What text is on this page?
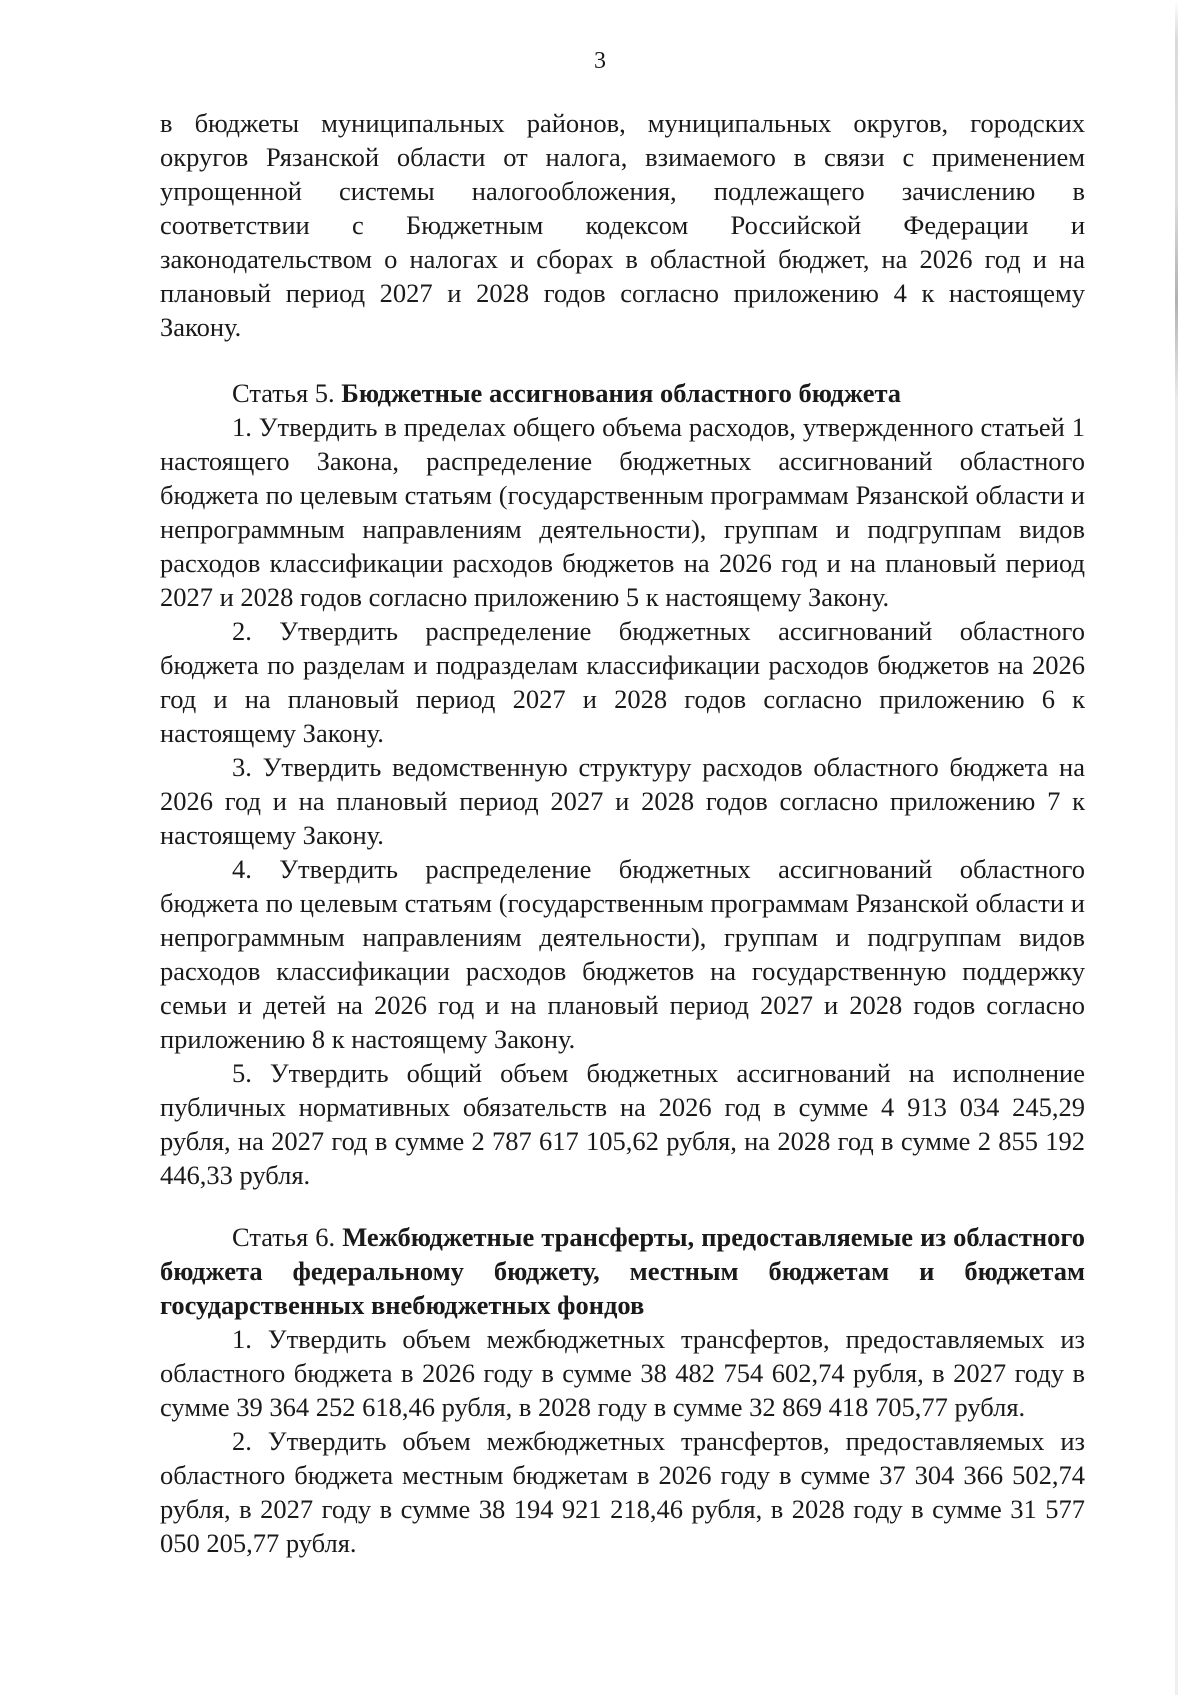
3

в бюджеты муниципальных районов, муниципальных округов, городских округов Рязанской области от налога, взимаемого в связи с применением упрощенной системы налогообложения, подлежащего зачислению в соответствии с Бюджетным кодексом Российской Федерации и законодательством о налогах и сборах в областной бюджет, на 2026 год и на плановый период 2027 и 2028 годов согласно приложению 4 к настоящему Закону.

Статья 5. Бюджетные ассигнования областного бюджета

1. Утвердить в пределах общего объема расходов, утвержденного статьей 1 настоящего Закона, распределение бюджетных ассигнований областного бюджета по целевым статьям (государственным программам Рязанской области и непрограммным направлениям деятельности), группам и подгруппам видов расходов классификации расходов бюджетов на 2026 год и на плановый период 2027 и 2028 годов согласно приложению 5 к настоящему Закону.

2. Утвердить распределение бюджетных ассигнований областного бюджета по разделам и подразделам классификации расходов бюджетов на 2026 год и на плановый период 2027 и 2028 годов согласно приложению 6 к настоящему Закону.

3. Утвердить ведомственную структуру расходов областного бюджета на 2026 год и на плановый период 2027 и 2028 годов согласно приложению 7 к настоящему Закону.

4. Утвердить распределение бюджетных ассигнований областного бюджета по целевым статьям (государственным программам Рязанской области и непрограммным направлениям деятельности), группам и подгруппам видов расходов классификации расходов бюджетов на государственную поддержку семьи и детей на 2026 год и на плановый период 2027 и 2028 годов согласно приложению 8 к настоящему Закону.

5. Утвердить общий объем бюджетных ассигнований на исполнение публичных нормативных обязательств на 2026 год в сумме 4 913 034 245,29 рубля, на 2027 год в сумме 2 787 617 105,62 рубля, на 2028 год в сумме 2 855 192 446,33 рубля.

Статья 6. Межбюджетные трансферты, предоставляемые из областного бюджета федеральному бюджету, местным бюджетам и бюджетам государственных внебюджетных фондов

1. Утвердить объем межбюджетных трансфертов, предоставляемых из областного бюджета в 2026 году в сумме 38 482 754 602,74 рубля, в 2027 году в сумме 39 364 252 618,46 рубля, в 2028 году в сумме 32 869 418 705,77 рубля.

2. Утвердить объем межбюджетных трансфертов, предоставляемых из областного бюджета местным бюджетам в 2026 году в сумме 37 304 366 502,74 рубля, в 2027 году в сумме 38 194 921 218,46 рубля, в 2028 году в сумме 31 577 050 205,77 рубля.
